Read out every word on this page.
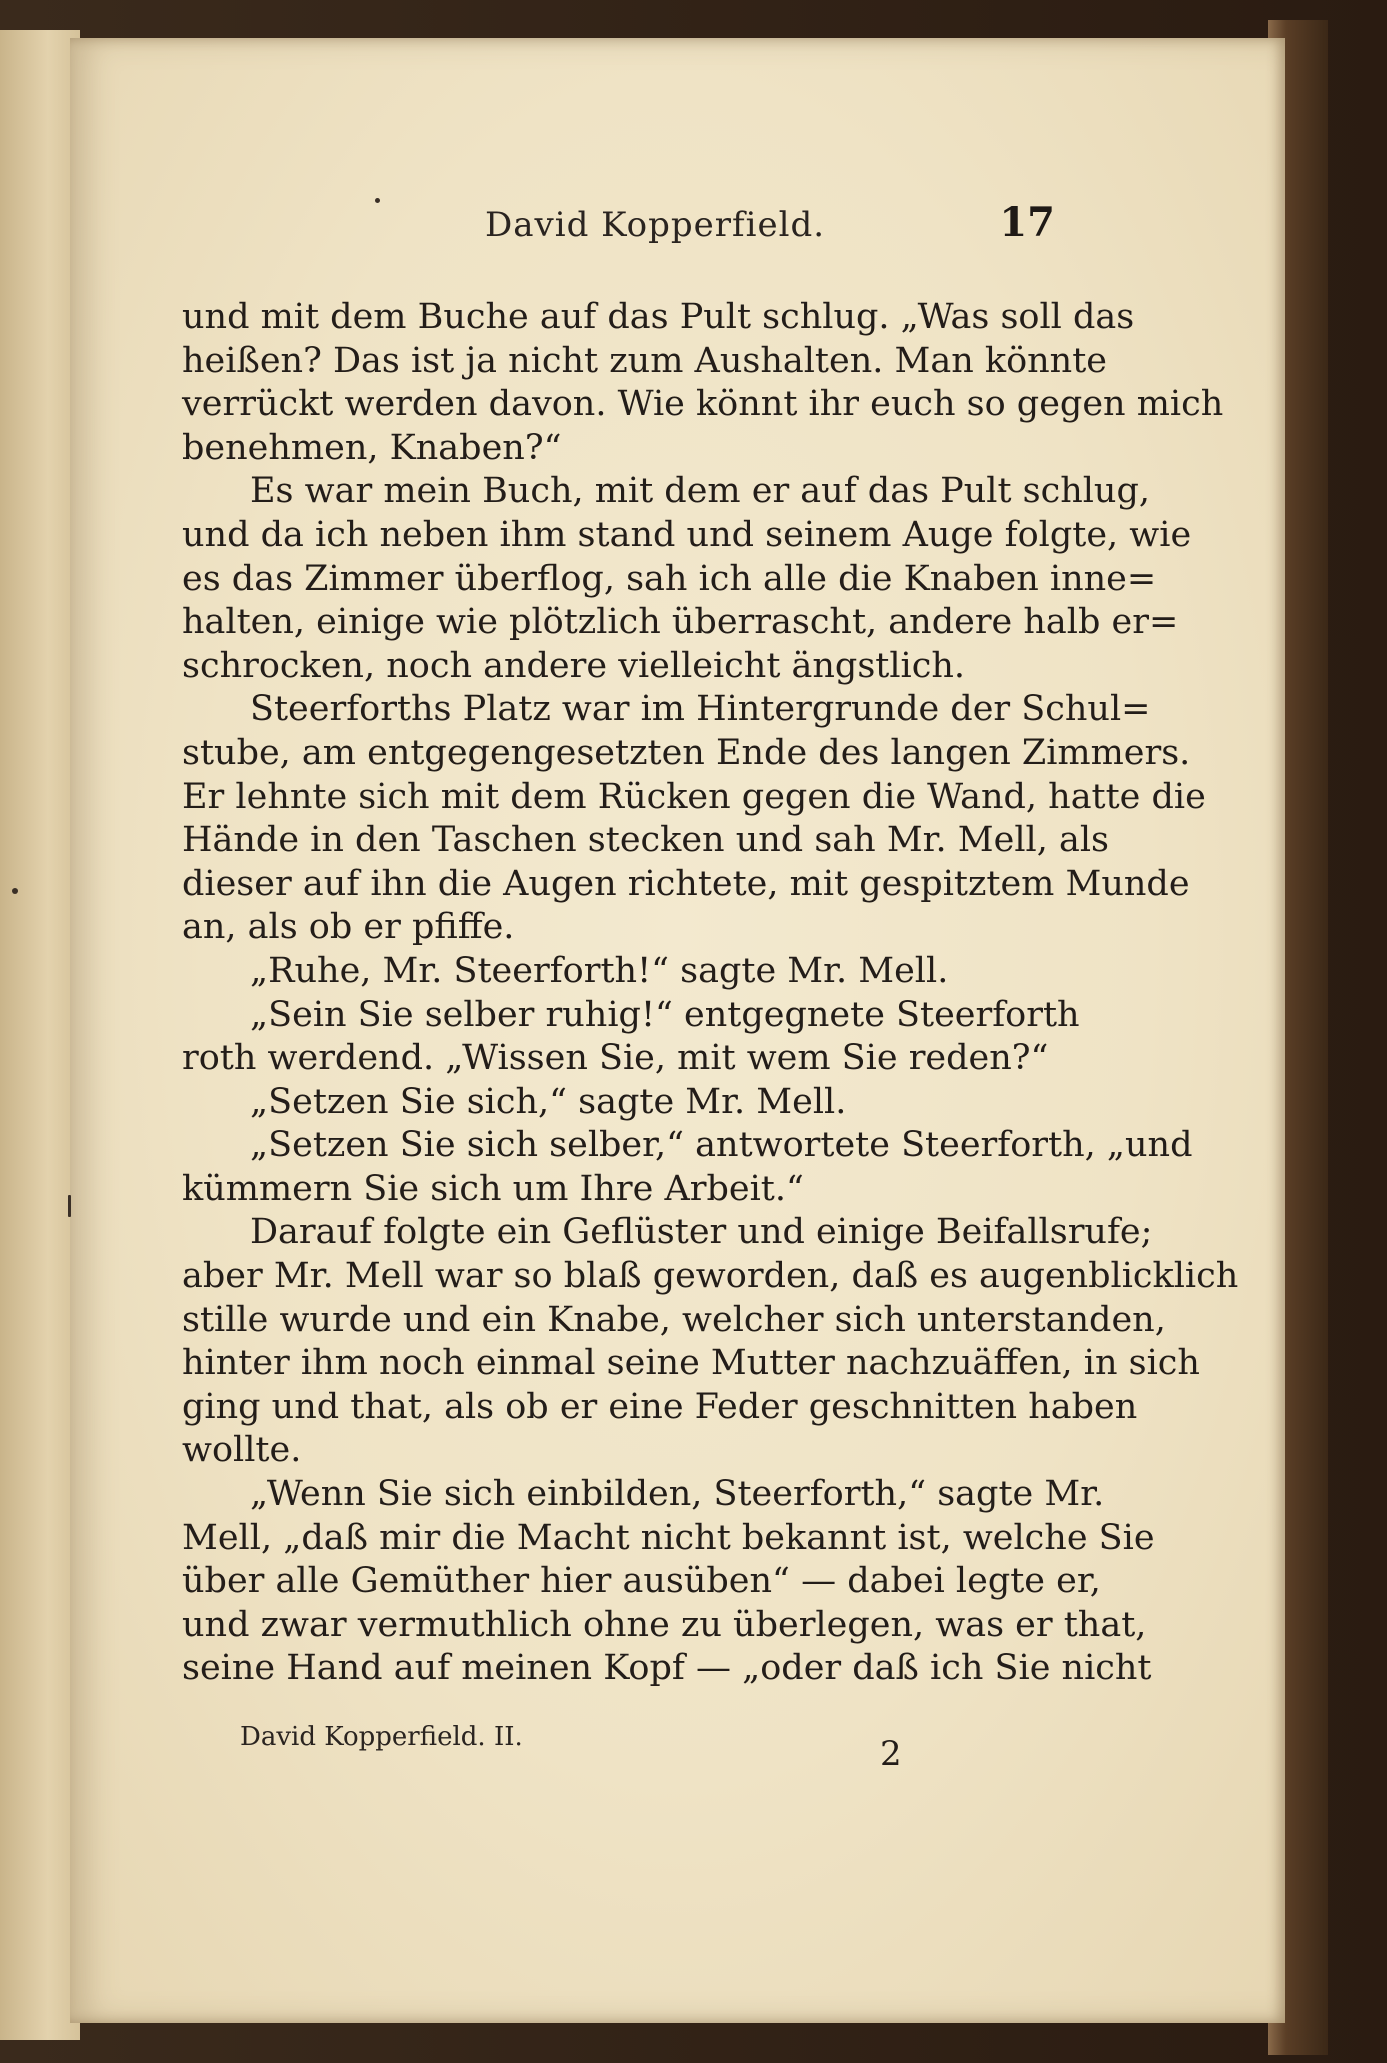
David Kopperfield.	17
und mit dem Buche auf das Pult schlug. „Was soll das
heißen? Das ist ja nicht zum Aushalten. Man könnte
verrückt werden davon. Wie könnt ihr euch so gegen mich
benehmen, Knaben?“
Es war mein Buch, mit dem er auf das Pult schlug,
und da ich neben ihm stand und seinem Auge folgte, wie
es das Zimmer überflog, sah ich alle die Knaben inne=
halten, einige wie plötzlich überrascht, andere halb er=
schrocken, noch andere vielleicht ängstlich.
Steerforths Platz war im Hintergrunde der Schul=
stube, am entgegengesetzten Ende des langen Zimmers.
Er lehnte sich mit dem Rücken gegen die Wand, hatte die
Hände in den Taschen stecken und sah Mr. Mell, als
dieser auf ihn die Augen richtete, mit gespitztem Munde
an, als ob er pfiffe.
„Ruhe, Mr. Steerforth!“ sagte Mr. Mell.
„Sein Sie selber ruhig!“ entgegnete Steerforth
roth werdend. „Wissen Sie, mit wem Sie reden?“
„Setzen Sie sich,“ sagte Mr. Mell.
„Setzen Sie sich selber,“ antwortete Steerforth, „und
kümmern Sie sich um Ihre Arbeit.“
Darauf folgte ein Geflüster und einige Beifallsrufe;
aber Mr. Mell war so blaß geworden, daß es augenblicklich
stille wurde und ein Knabe, welcher sich unterstanden,
hinter ihm noch einmal seine Mutter nachzuäffen, in sich
ging und that, als ob er eine Feder geschnitten haben
wollte.
„Wenn Sie sich einbilden, Steerforth,“ sagte Mr.
Mell, „daß mir die Macht nicht bekannt ist, welche Sie
über alle Gemüther hier ausüben“ — dabei legte er,
und zwar vermuthlich ohne zu überlegen, was er that,
seine Hand auf meinen Kopf — „oder daß ich Sie nicht
David Kopperfield. II.	2
